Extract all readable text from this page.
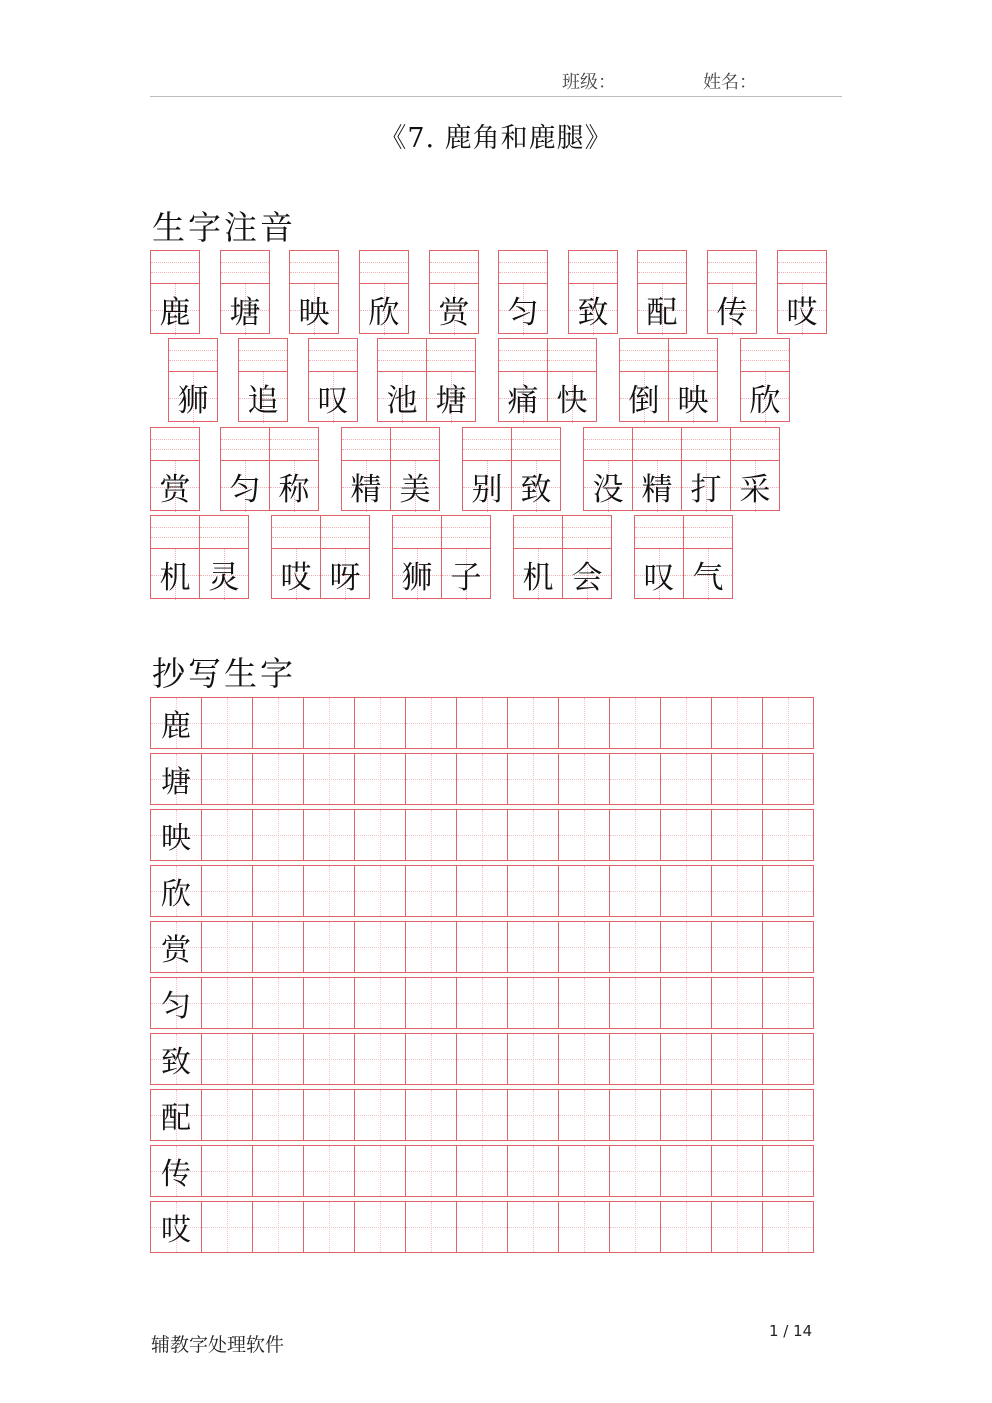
班级：	姓名：
《7. 鹿角和鹿腿》
生字注音
鹿 塘 映 欣 赏 匀 致 配 传 哎
狮 追 叹 池 塘 痛 快 倒 映 欣
赏 匀 称 精 美 别 致 没 精 打 采
机 灵 哎 呀 狮 子 机 会 叹 气
抄写生字
鹿
塘
映
欣
赏
匀
致
配
传
哎
辅教字处理软件
1 / 14
